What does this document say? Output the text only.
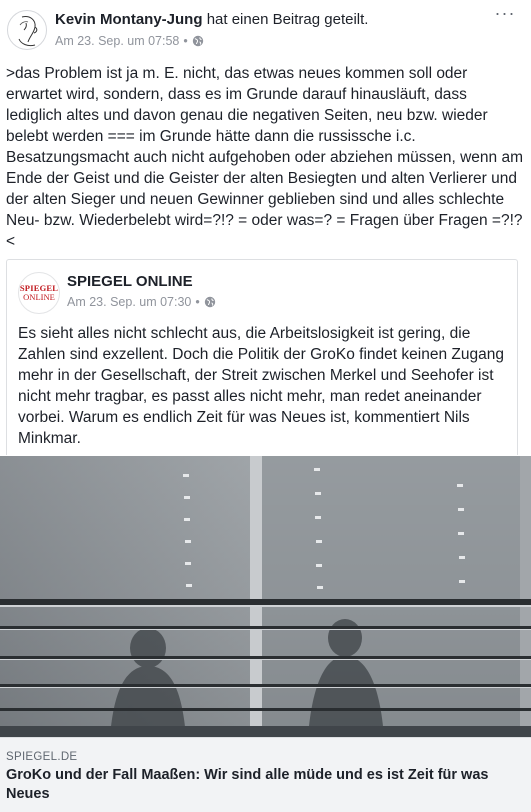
Kevin Montany-Jung hat einen Beitrag geteilt.
Am 23. Sep. um 07:58 •
···
>das Problem ist ja m. E. nicht, das etwas neues kommen soll oder erwartet wird, sondern, dass es im Grunde darauf hinausläuft, dass lediglich altes und davon genau die negativen Seiten, neu bzw. wieder belebt werden === im Grunde hätte dann die russissche i.c. Besatzungsmacht auch nicht aufgehoben oder abziehen müssen, wenn am Ende der Geist und die Geister der alten Besiegten und alten Verlierer und der alten Sieger und neuen Gewinner geblieben sind und alles schlechte Neu- bzw. Wiederbelebt wird=?!? = oder was=? = Fragen über Fragen =?!? <
SPIEGEL
ONLINE
SPIEGEL ONLINE
Am 23. Sep. um 07:30 •
Es sieht alles nicht schlecht aus, die Arbeitslosigkeit ist gering, die Zahlen sind exzellent. Doch die Politik der GroKo findet keinen Zugang mehr in der Gesellschaft, der Streit zwischen Merkel und Seehofer ist nicht mehr tragbar, es passt alles nicht mehr, man redet aneinander vorbei. Warum es endlich Zeit für was Neues ist, kommentiert Nils Minkmar.
SPIEGEL.DE
GroKo und der Fall Maaßen: Wir sind alle müde und es ist Zeit für was Neues
